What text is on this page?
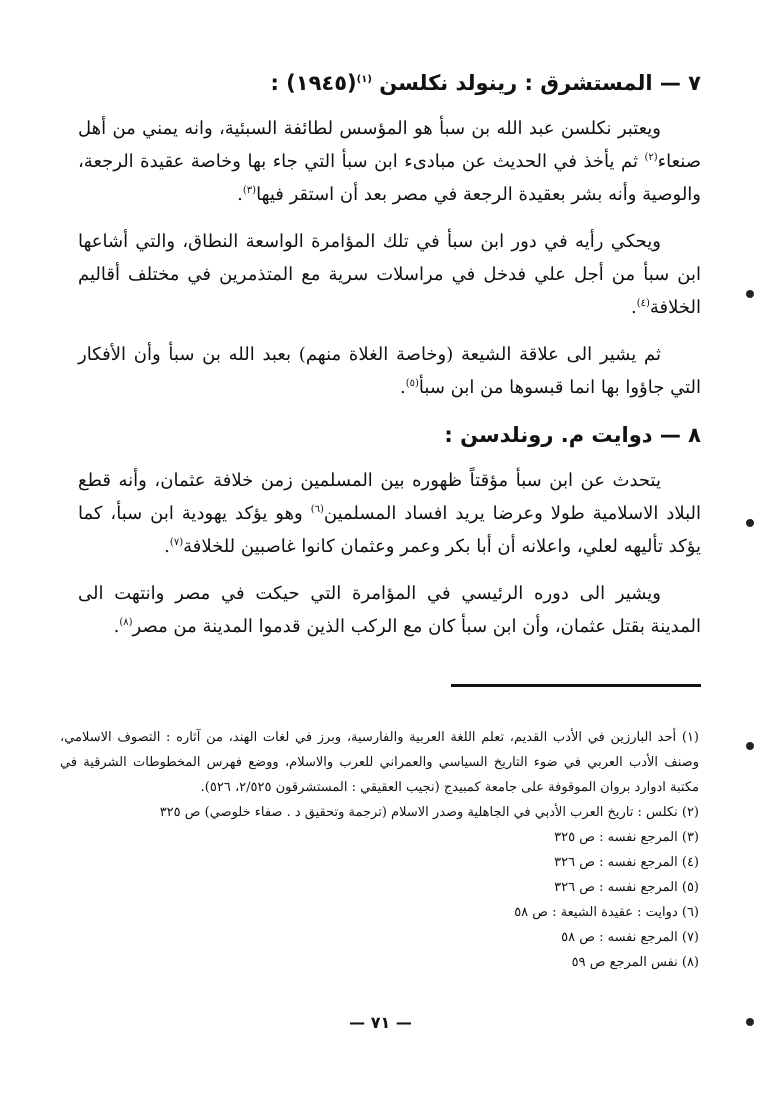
٧ — المستشرق : رينولد نكلسن $^{(١)}$(١٩٤٥) :

ويعتبر نكلسن عبد الله بن سبأ هو المؤسس لطائفة السبئية، وانه يمني من أهل صنعاء$^{(٢)}$ ثم يأخذ في الحديث عن مبادىء ابن سبأ التي جاء بها وخاصة عقيدة الرجعة، والوصية وأنه بشر بعقيدة الرجعة في مصر بعد أن استقر فيها$^{(٣)}$.

ويحكي رأيه في دور ابن سبأ في تلك المؤامرة الواسعة النطاق، والتي أشاعها ابن سبأ من أجل علي فدخل في مراسلات سرية مع المتذمرين في مختلف أقاليم الخلافة$^{(٤)}$.

ثم يشير الى علاقة الشيعة (وخاصة الغلاة منهم) بعبد الله بن سبأ وأن الأفكار التي جاؤوا بها انما قبسوها من ابن سبأ$^{(٥)}$.

٨ — دوايت م. رونلدسن :

يتحدث عن ابن سبأ مؤقتاً ظهوره بين المسلمين زمن خلافة عثمان، وأنه قطع البلاد الاسلامية طولا وعرضا يريد افساد المسلمين$^{(٦)}$ وهو يؤكد يهودية ابن سبأ، كما يؤكد تأليهه لعلي، واعلانه أن أبا بكر وعمر وعثمان كانوا غاصبين للخلافة$^{(٧)}$.

ويشير الى دوره الرئيسي في المؤامرة التي حيكت في مصر وانتهت الى المدينة بقتل عثمان، وأن ابن سبأ كان مع الركب الذين قدموا المدينة من مصر$^{(٨)}$.

(١) أحد البارزين في الأدب القديم، تعلم اللغة العربية والفارسية، وبرز في لغات الهند، من آثاره : التصوف الاسلامي، وصنف الأدب العربي في ضوء التاريخ السياسي والعمراني للعرب والاسلام، ووضع فهرس المخطوطات الشرقية في مكتبة ادوارد بروان الموقوفة على جامعة كمبيدج (نجيب العقيقي : المستشرقون ٢/٥٢٥، ٥٢٦).

(٢) نكلس : تاريخ العرب الأدبي في الجاهلية وصدر الاسلام (ترجمة وتحقيق د . صفاء خلوصي) ص ٣٢٥

(٣) المرجع نفسه : ص ٣٢٥

(٤) المرجع نفسه : ص ٣٢٦

(٥) المرجع نفسه : ص ٣٢٦

(٦) دوايت : عقيدة الشيعة : ص ٥٨

(٧) المرجع نفسه : ص ٥٨

(٨) نفس المرجع ص ٥٩

— ٧١ —
